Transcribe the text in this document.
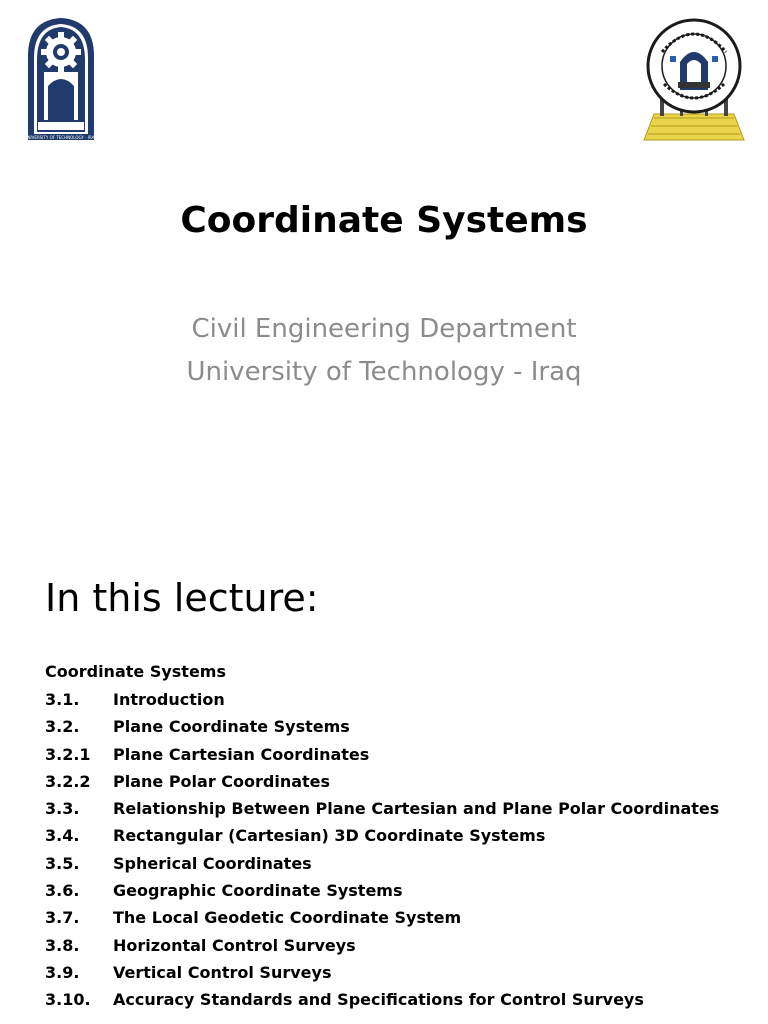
UNIVERSITY OF TECHNOLOGY - IRAQ
Coordinate Systems
Civil Engineering Department
University of Technology - Iraq
In this lecture:
Coordinate Systems
3.1. Introduction
3.2. Plane Coordinate Systems
3.2.1 Plane Cartesian Coordinates
3.2.2 Plane Polar Coordinates
3.3. Relationship Between Plane Cartesian and Plane Polar Coordinates
3.4. Rectangular (Cartesian) 3D Coordinate Systems
3.5. Spherical Coordinates
3.6. Geographic Coordinate Systems
3.7. The Local Geodetic Coordinate System
3.8. Horizontal Control Surveys
3.9. Vertical Control Surveys
3.10. Accuracy Standards and Specifications for Control Surveys
